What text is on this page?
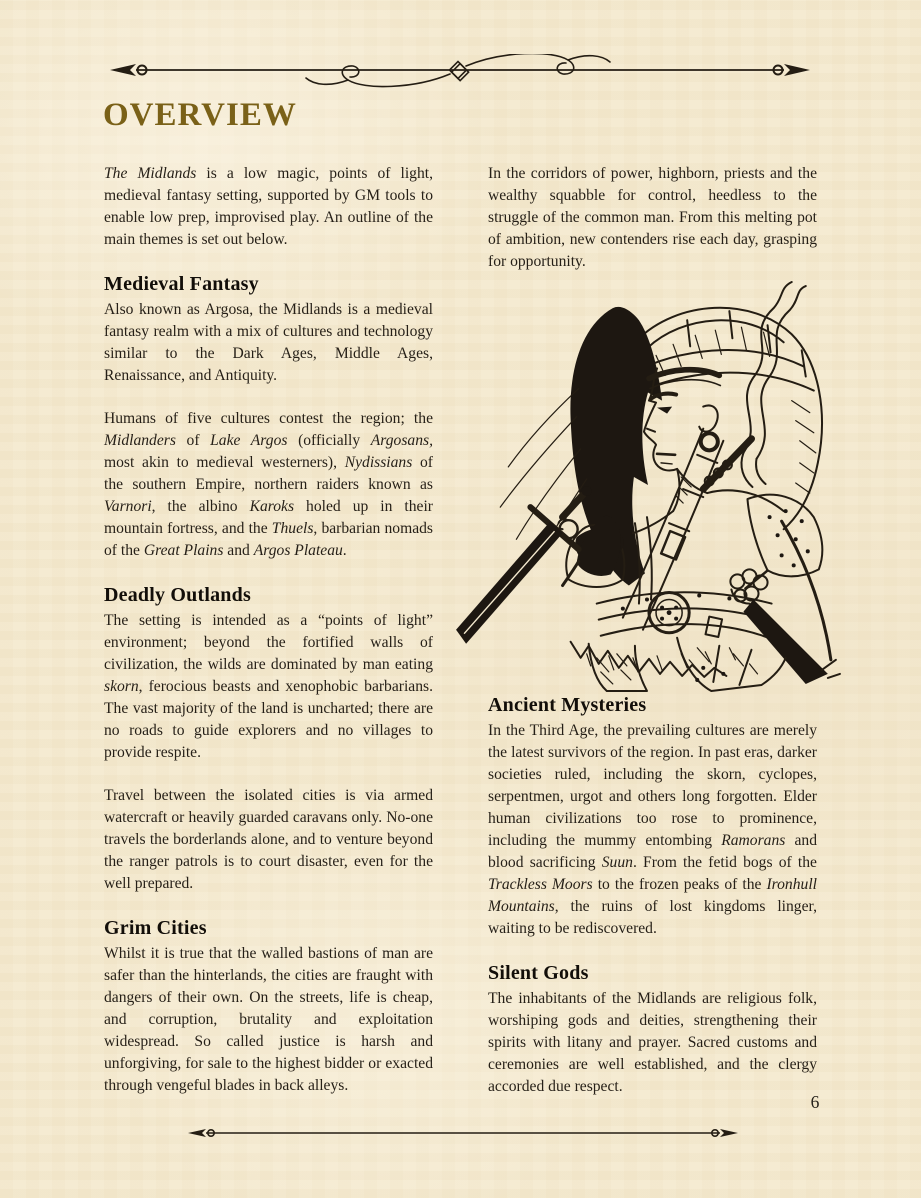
OVERVIEW

The Midlands is a low magic, points of light, medieval fantasy setting, supported by GM tools to enable low prep, improvised play. An outline of the main themes is set out below.

Medieval Fantasy

Also known as Argosa, the Midlands is a medieval fantasy realm with a mix of cultures and technology similar to the Dark Ages, Middle Ages, Renaissance, and Antiquity.

Humans of five cultures contest the region; the Midlanders of Lake Argos (officially Argosans, most akin to medieval westerners), Nydissians of the southern Empire, northern raiders known as Varnori, the albino Karoks holed up in their mountain fortress, and the Thuels, barbarian nomads of the Great Plains and Argos Plateau.

Deadly Outlands

The setting is intended as a “points of light” environment; beyond the fortified walls of civilization, the wilds are dominated by man eating skorn, ferocious beasts and xenophobic barbarians. The vast majority of the land is uncharted; there are no roads to guide explorers and no villages to provide respite.

Travel between the isolated cities is via armed watercraft or heavily guarded caravans only. No-one travels the borderlands alone, and to venture beyond the ranger patrols is to court disaster, even for the well prepared.

Grim Cities

Whilst it is true that the walled bastions of man are safer than the hinterlands, the cities are fraught with dangers of their own. On the streets, life is cheap, and corruption, brutality and exploitation widespread. So called justice is harsh and unforgiving, for sale to the highest bidder or exacted through vengeful blades in back alleys.

In the corridors of power, highborn, priests and the wealthy squabble for control, heedless to the struggle of the common man. From this melting pot of ambition, new contenders rise each day, grasping for opportunity.

Ancient Mysteries

In the Third Age, the prevailing cultures are merely the latest survivors of the region. In past eras, darker societies ruled, including the skorn, cyclopes, serpentmen, urgot and others long forgotten. Elder human civilizations too rose to prominence, including the mummy entombing Ramorans and blood sacrificing Suun. From the fetid bogs of the Trackless Moors to the frozen peaks of the Ironhull Mountains, the ruins of lost kingdoms linger, waiting to be rediscovered.

Silent Gods

The inhabitants of the Midlands are religious folk, worshiping gods and deities, strengthening their spirits with litany and prayer. Sacred customs and ceremonies are well established, and the clergy accorded due respect.

6
